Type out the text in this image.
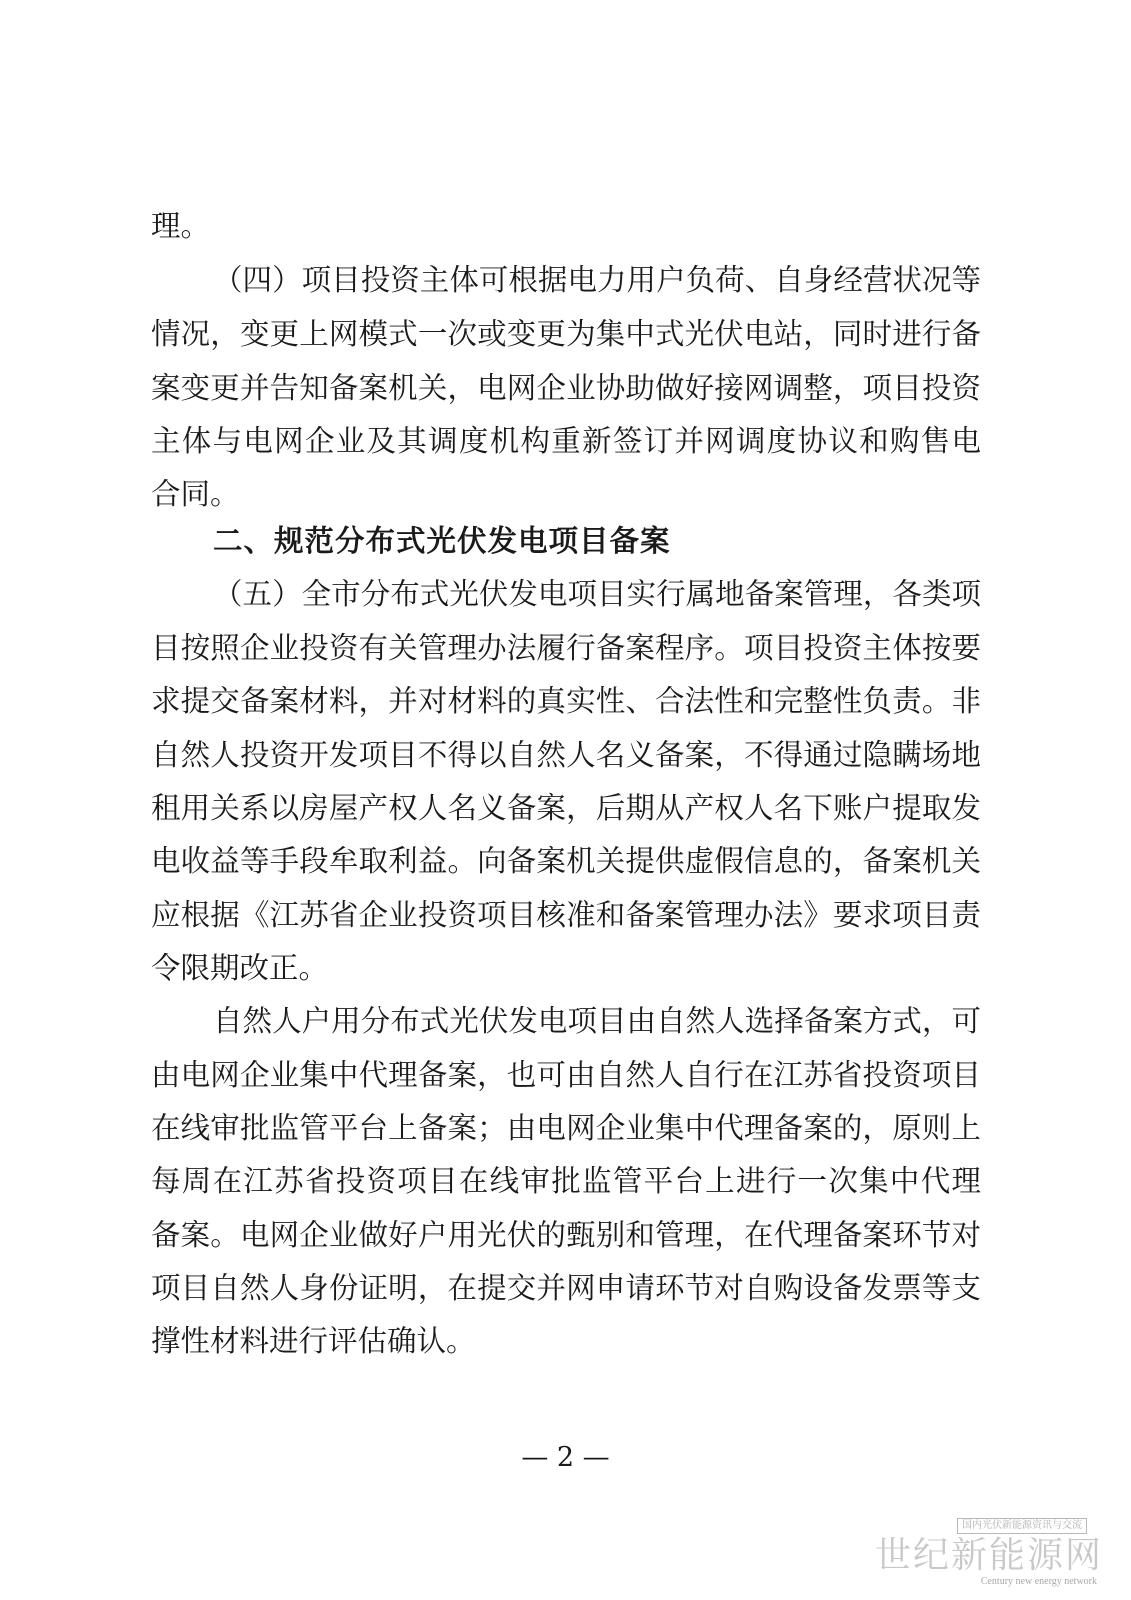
理。
（四）项目投资主体可根据电力用户负荷、自身经营状况等
情况，变更上网模式一次或变更为集中式光伏电站，同时进行备
案变更并告知备案机关，电网企业协助做好接网调整，项目投资
主体与电网企业及其调度机构重新签订并网调度协议和购售电
合同。
二、规范分布式光伏发电项目备案
（五）全市分布式光伏发电项目实行属地备案管理，各类项
目按照企业投资有关管理办法履行备案程序。项目投资主体按要
求提交备案材料，并对材料的真实性、合法性和完整性负责。非
自然人投资开发项目不得以自然人名义备案，不得通过隐瞒场地
租用关系以房屋产权人名义备案，后期从产权人名下账户提取发
电收益等手段牟取利益。向备案机关提供虚假信息的，备案机关
应根据《江苏省企业投资项目核准和备案管理办法》要求项目责
令限期改正。
自然人户用分布式光伏发电项目由自然人选择备案方式，可
由电网企业集中代理备案，也可由自然人自行在江苏省投资项目
在线审批监管平台上备案；由电网企业集中代理备案的，原则上
每周在江苏省投资项目在线审批监管平台上进行一次集中代理
备案。电网企业做好户用光伏的甄别和管理，在代理备案环节对
项目自然人身份证明，在提交并网申请环节对自购设备发票等支
撑性材料进行评估确认。
— 2 —
国内光伏新能源资讯与交流
世纪新能源网
Century new energy network
